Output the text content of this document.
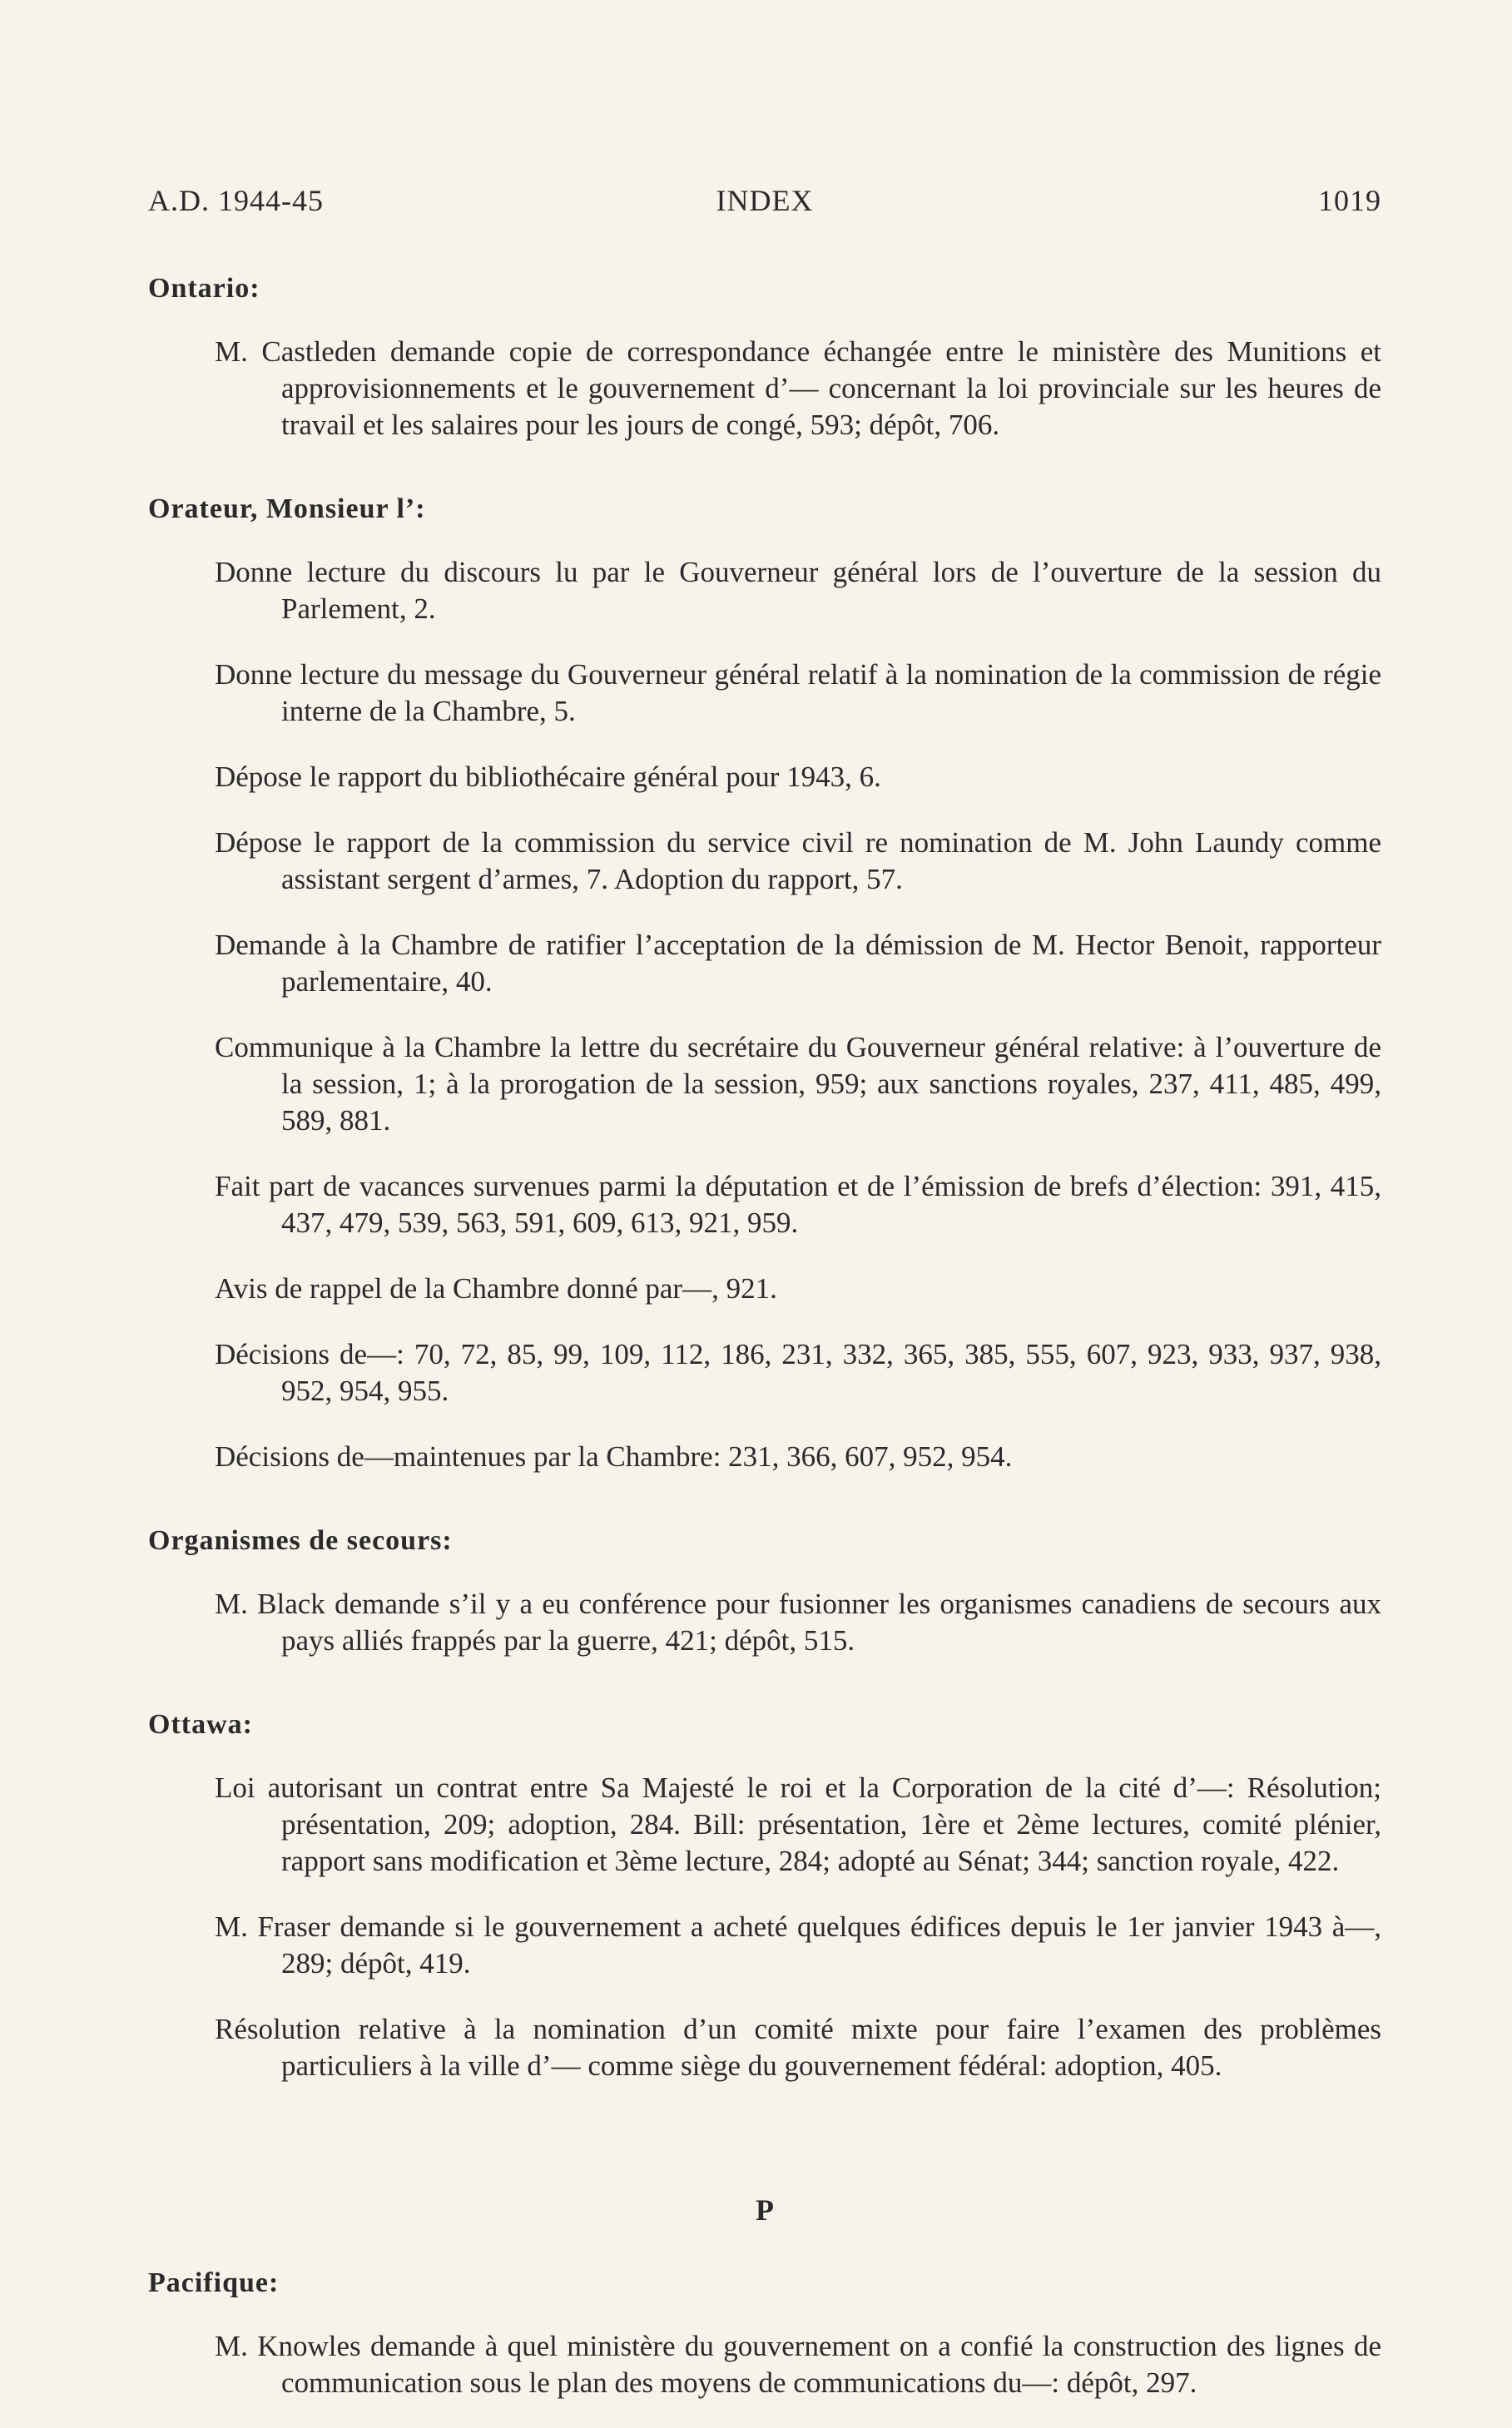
A.D. 1944-45	INDEX	1019
Ontario:

M. Castleden demande copie de correspondance échangée entre le ministère des Munitions et approvisionnements et le gouvernement d’— concernant la loi provinciale sur les heures de travail et les salaires pour les jours de congé, 593; dépôt, 706.

Orateur, Monsieur l’:

Donne lecture du discours lu par le Gouverneur général lors de l’ouverture de la session du Parlement, 2.

Donne lecture du message du Gouverneur général relatif à la nomination de la commission de régie interne de la Chambre, 5.

Dépose le rapport du bibliothécaire général pour 1943, 6.

Dépose le rapport de la commission du service civil re nomination de M. John Laundy comme assistant sergent d’armes, 7. Adoption du rapport, 57.

Demande à la Chambre de ratifier l’acceptation de la démission de M. Hector Benoit, rapporteur parlementaire, 40.

Communique à la Chambre la lettre du secrétaire du Gouverneur général relative: à l’ouverture de la session, 1; à la prorogation de la session, 959; aux sanctions royales, 237, 411, 485, 499, 589, 881.

Fait part de vacances survenues parmi la députation et de l’émission de brefs d’élection: 391, 415, 437, 479, 539, 563, 591, 609, 613, 921, 959.

Avis de rappel de la Chambre donné par—, 921.

Décisions de—: 70, 72, 85, 99, 109, 112, 186, 231, 332, 365, 385, 555, 607, 923, 933, 937, 938, 952, 954, 955.

Décisions de—maintenues par la Chambre: 231, 366, 607, 952, 954.

Organismes de secours:

M. Black demande s’il y a eu conférence pour fusionner les organismes canadiens de secours aux pays alliés frappés par la guerre, 421; dépôt, 515.

Ottawa:

Loi autorisant un contrat entre Sa Majesté le roi et la Corporation de la cité d’—: Résolution; présentation, 209; adoption, 284. Bill: présentation, 1ère et 2ème lectures, comité plénier, rapport sans modification et 3ème lecture, 284; adopté au Sénat; 344; sanction royale, 422.

M. Fraser demande si le gouvernement a acheté quelques édifices depuis le 1er janvier 1943 à—, 289; dépôt, 419.

Résolution relative à la nomination d’un comité mixte pour faire l’examen des problèmes particuliers à la ville d’— comme siège du gouvernement fédéral: adoption, 405.

P
Pacifique:

M. Knowles demande à quel ministère du gouvernement on a confié la construction des lignes de communication sous le plan des moyens de communications du—: dépôt, 297.
